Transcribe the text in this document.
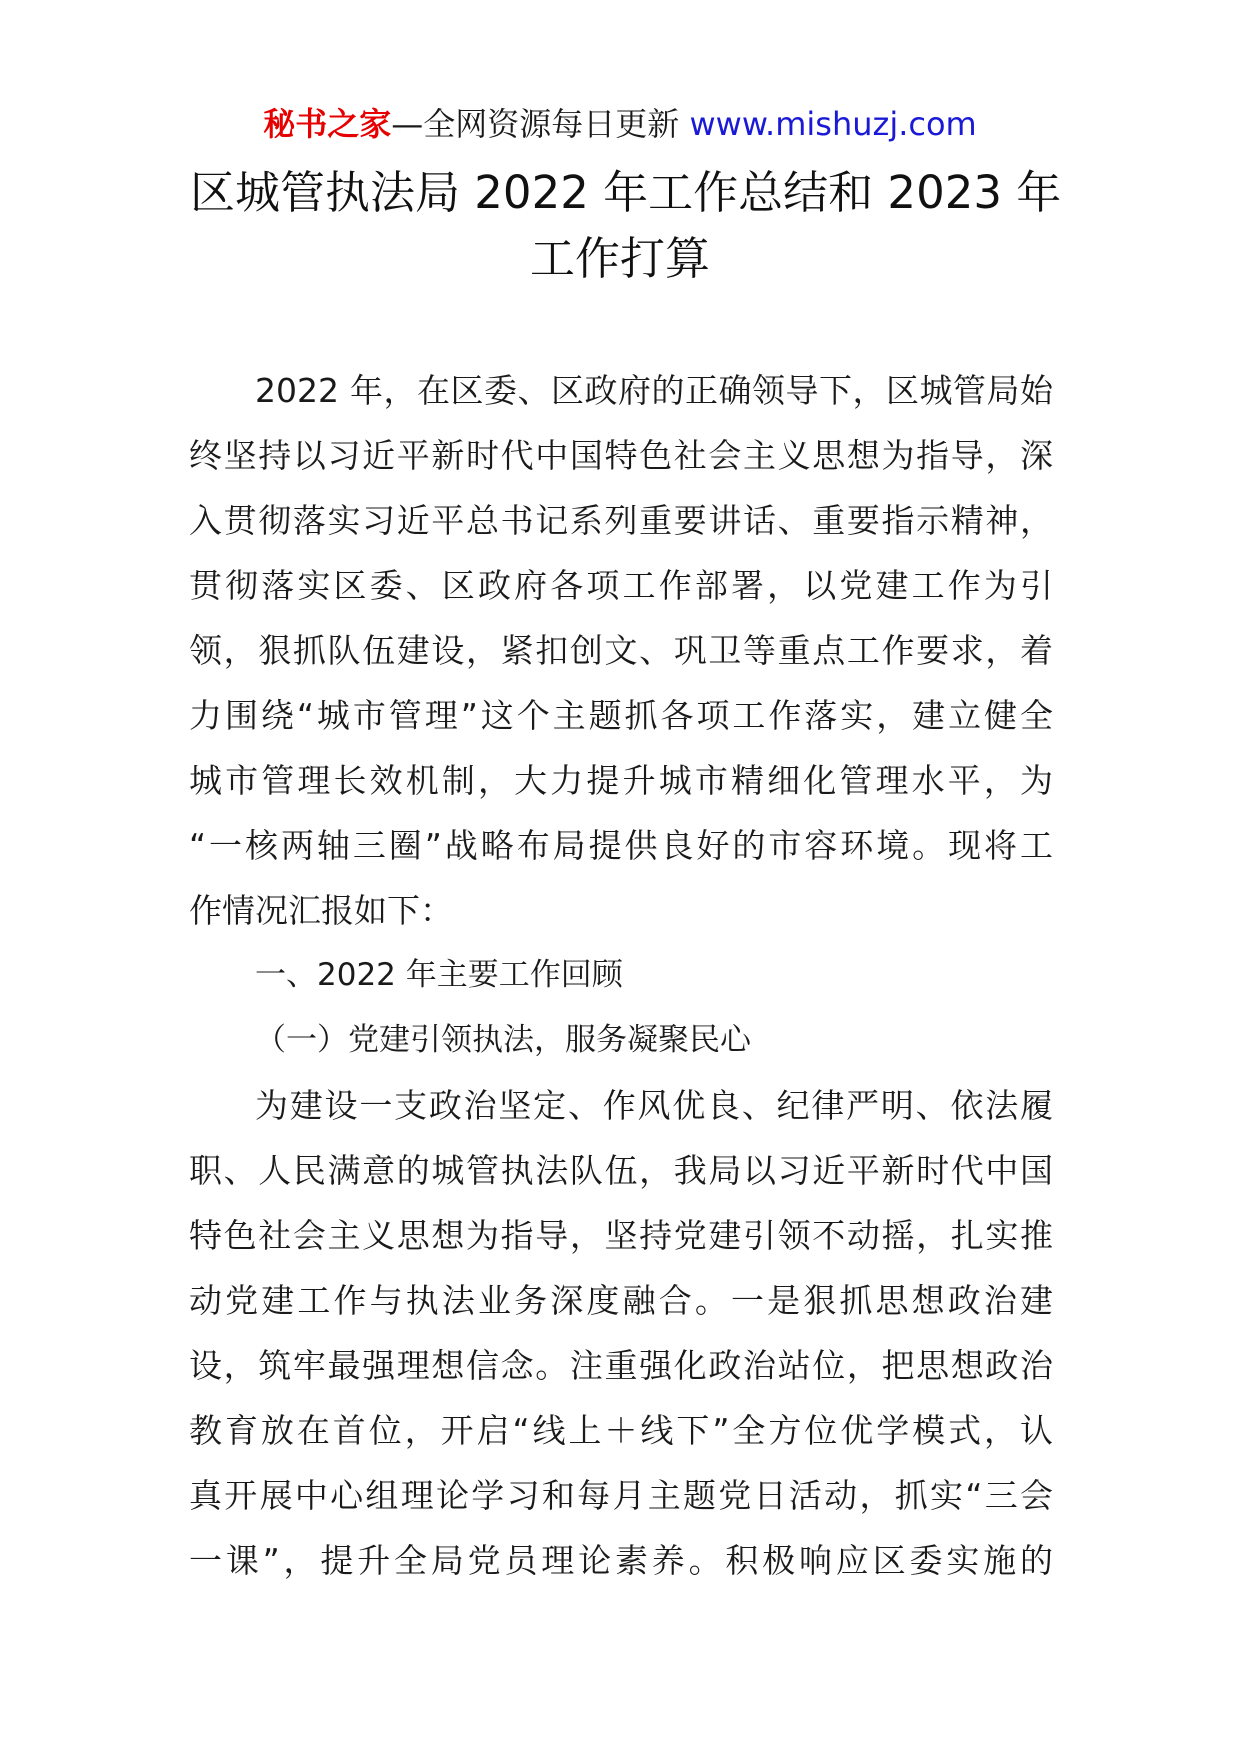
秘书之家—全网资源每日更新 www.mishuzj.com
区城管执法局 2022 年工作总结和 2023 年
工作打算
2022 年，在区委、区政府的正确领导下，区城管局始
终坚持以习近平新时代中国特色社会主义思想为指导，深
入贯彻落实习近平总书记系列重要讲话、重要指示精神，
贯彻落实区委、区政府各项工作部署，以党建工作为引
领，狠抓队伍建设，紧扣创文、巩卫等重点工作要求，着
力围绕“城市管理”这个主题抓各项工作落实，建立健全
城市管理长效机制，大力提升城市精细化管理水平，为
“一核两轴三圈”战略布局提供良好的市容环境。现将工
作情况汇报如下：
一、2022 年主要工作回顾
（一）党建引领执法，服务凝聚民心
为建设一支政治坚定、作风优良、纪律严明、依法履
职、人民满意的城管执法队伍，我局以习近平新时代中国
特色社会主义思想为指导，坚持党建引领不动摇，扎实推
动党建工作与执法业务深度融合。一是狠抓思想政治建
设，筑牢最强理想信念。注重强化政治站位，把思想政治
教育放在首位，开启“线上＋线下”全方位优学模式，认
真开展中心组理论学习和每月主题党日活动，抓实“三会
一课”，提升全局党员理论素养。积极响应区委实施的
